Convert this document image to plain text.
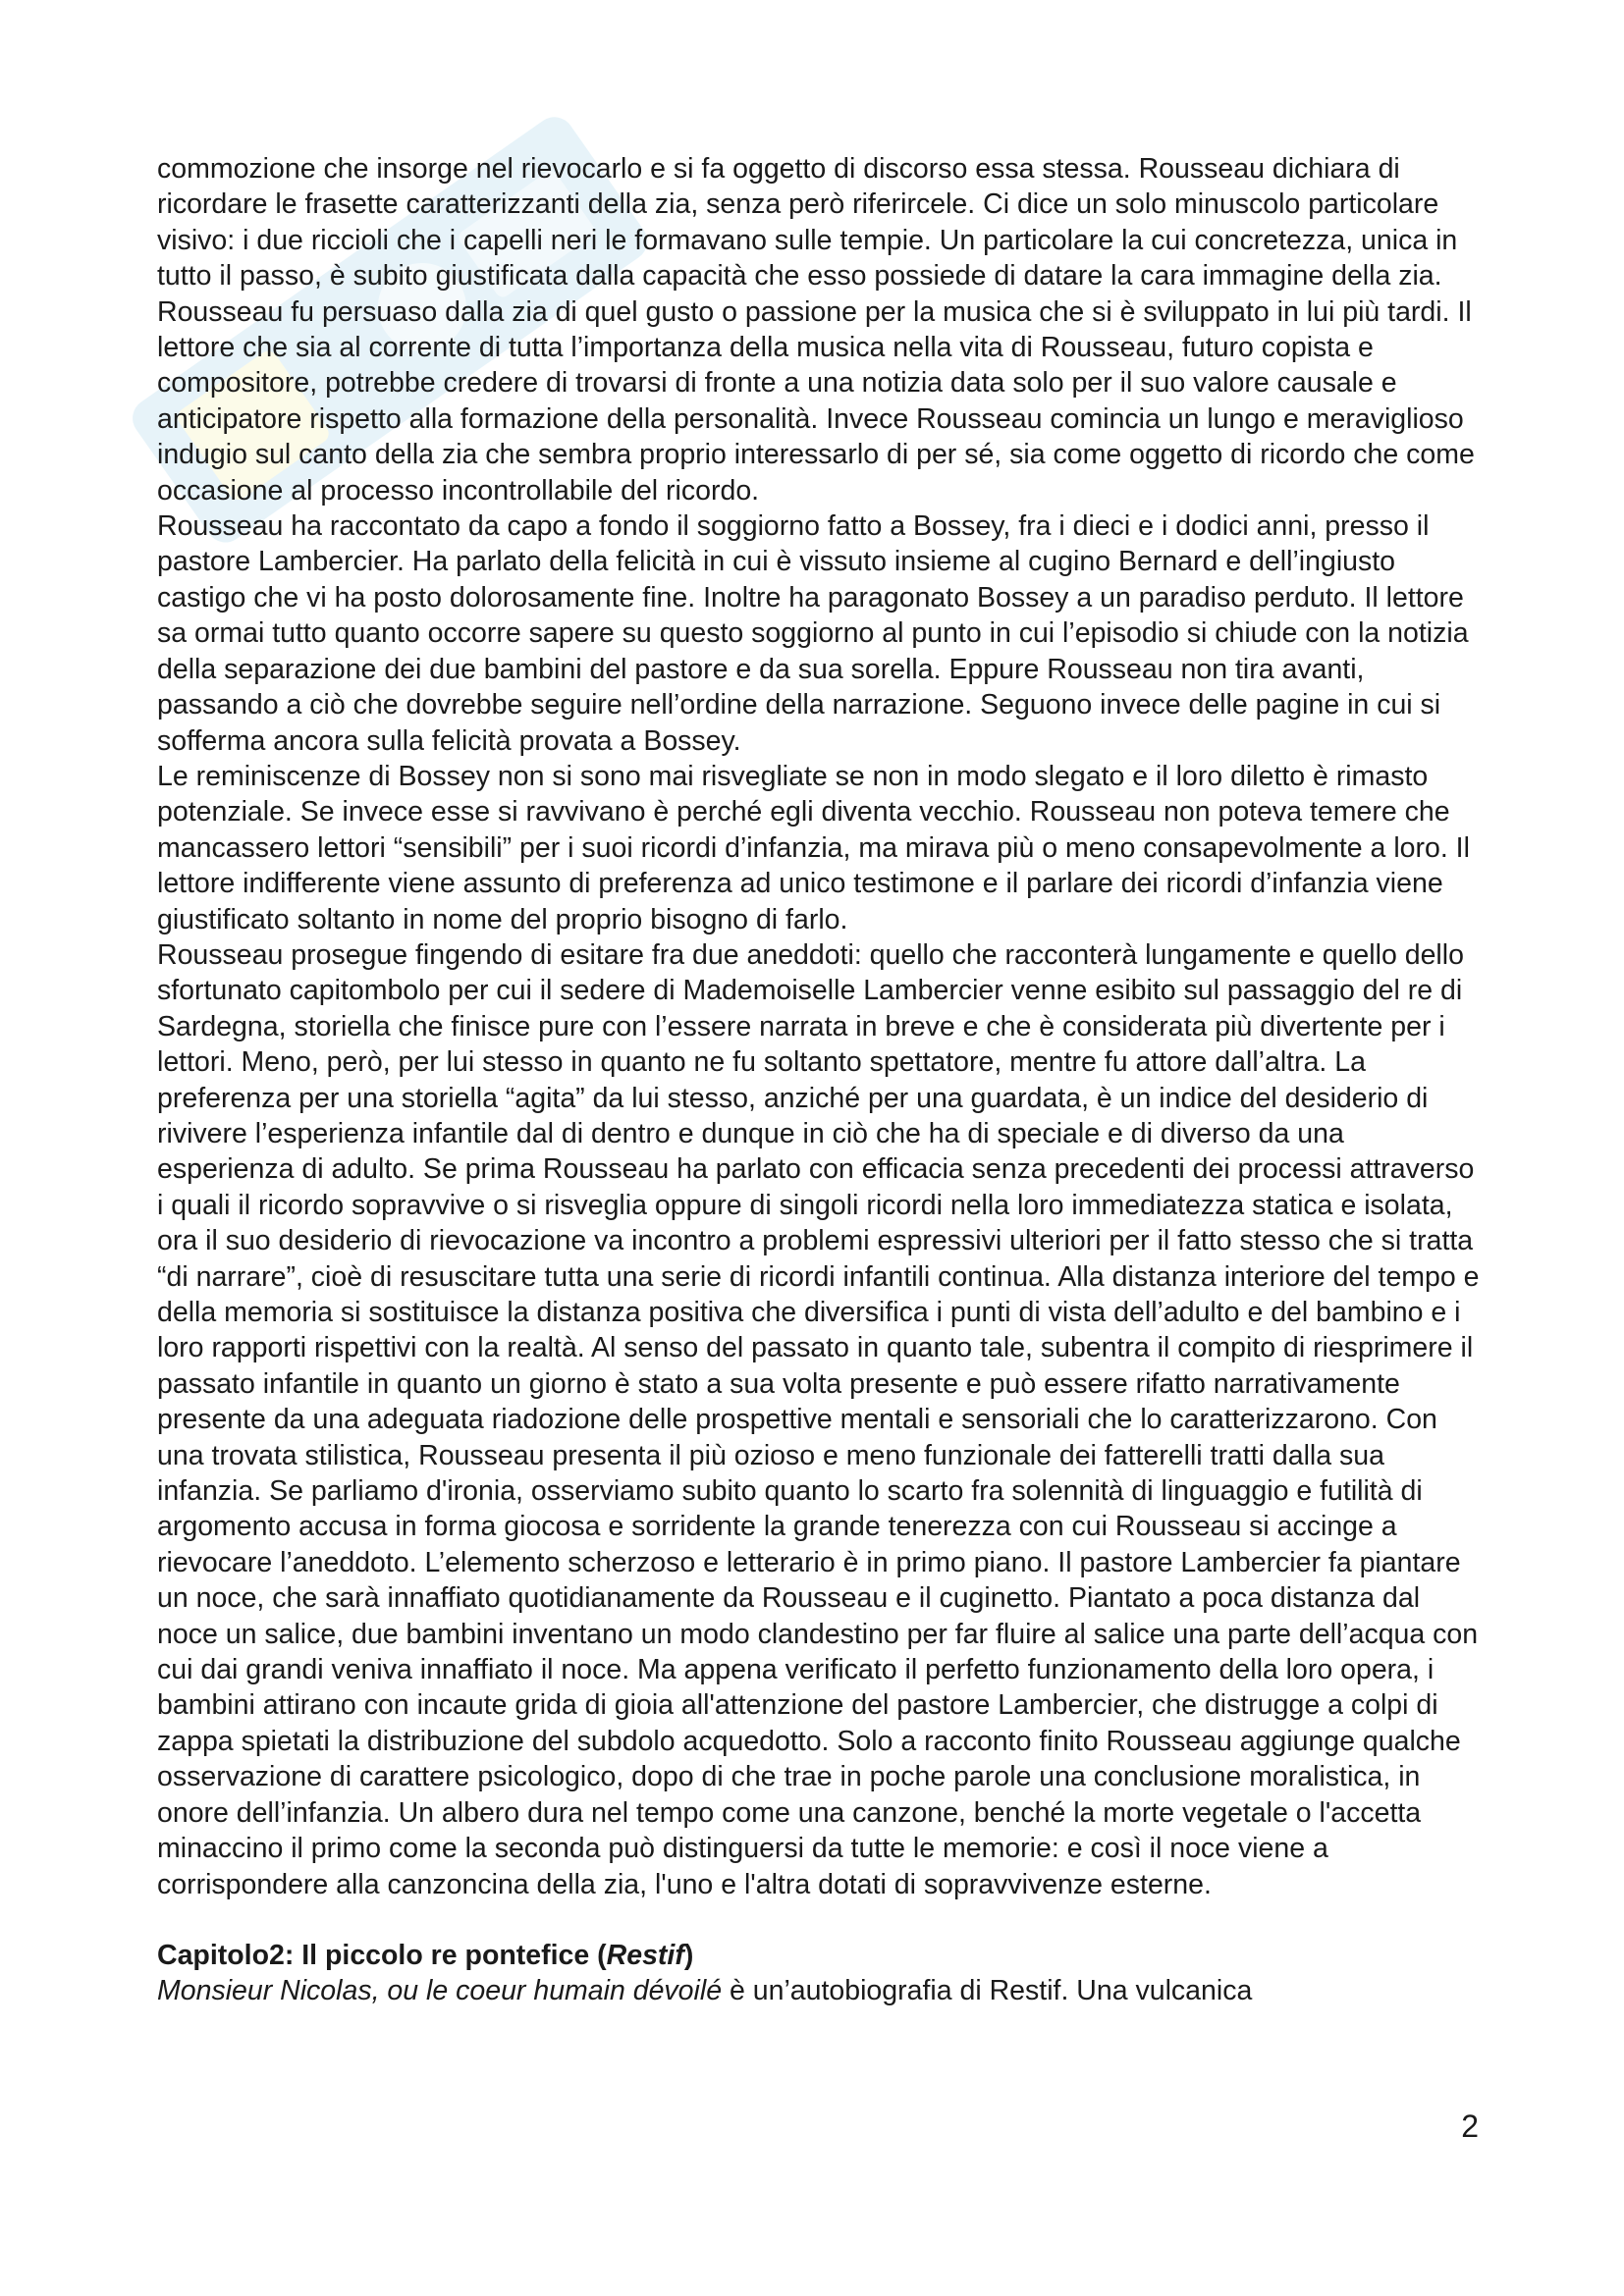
commozione che insorge nel rievocarlo e si fa oggetto di discorso essa stessa. Rousseau dichiara di ricordare le frasette caratterizzanti della zia, senza però riferircele. Ci dice un solo minuscolo particolare visivo: i due riccioli che i capelli neri le formavano sulle tempie. Un particolare la cui concretezza, unica in tutto il passo, è subito giustificata dalla capacità che esso possiede di datare la cara immagine della zia. Rousseau fu persuaso dalla zia di quel gusto o passione per la musica che si è sviluppato in lui più tardi. Il lettore che sia al corrente di tutta l’importanza della musica nella vita di Rousseau, futuro copista e compositore, potrebbe credere di trovarsi di fronte a una notizia data solo per il suo valore causale e anticipatore rispetto alla formazione della personalità. Invece Rousseau comincia un lungo e meraviglioso indugio sul canto della zia che sembra proprio interessarlo di per sé, sia come oggetto di ricordo che come occasione al processo incontrollabile del ricordo.

Rousseau ha raccontato da capo a fondo il soggiorno fatto a Bossey, fra i dieci e i dodici anni, presso il pastore Lambercier. Ha parlato della felicità in cui è vissuto insieme al cugino Bernard e dell’ingiusto castigo che vi ha posto dolorosamente fine. Inoltre ha paragonato Bossey a un paradiso perduto. Il lettore sa ormai tutto quanto occorre sapere su questo soggiorno al punto in cui l’episodio si chiude con la notizia della separazione dei due bambini del pastore e da sua sorella. Eppure Rousseau non tira avanti, passando a ciò che dovrebbe seguire nell’ordine della narrazione. Seguono invece delle pagine in cui si sofferma ancora sulla felicità provata a Bossey.

Le reminiscenze di Bossey non si sono mai risvegliate se non in modo slegato e il loro diletto è rimasto potenziale. Se invece esse si ravvivano è perché egli diventa vecchio. Rousseau non poteva temere che mancassero lettori “sensibili” per i suoi ricordi d’infanzia, ma mirava più o meno consapevolmente a loro. Il lettore indifferente viene assunto di preferenza ad unico testimone e il parlare dei ricordi d’infanzia viene giustificato soltanto in nome del proprio bisogno di farlo.

Rousseau prosegue fingendo di esitare fra due aneddoti: quello che racconterà lungamente e quello dello sfortunato capitombolo per cui il sedere di Mademoiselle Lambercier venne esibito sul passaggio del re di Sardegna, storiella che finisce pure con l’essere narrata in breve e che è considerata più divertente per i lettori. Meno, però, per lui stesso in quanto ne fu soltanto spettatore, mentre fu attore dall’altra. La preferenza per una storiella “agita” da lui stesso, anziché per una guardata, è un indice del desiderio di rivivere l’esperienza infantile dal di dentro e dunque in ciò che ha di speciale e di diverso da una esperienza di adulto. Se prima Rousseau ha parlato con efficacia senza precedenti dei processi attraverso i quali il ricordo sopravvive o si risveglia oppure di singoli ricordi nella loro immediatezza statica e isolata, ora il suo desiderio di rievocazione va incontro a problemi espressivi ulteriori per il fatto stesso che si tratta “di narrare”, cioè di resuscitare tutta una serie di ricordi infantili continua. Alla distanza interiore del tempo e della memoria si sostituisce la distanza positiva che diversifica i punti di vista dell’adulto e del bambino e i loro rapporti rispettivi con la realtà. Al senso del passato in quanto tale, subentra il compito di riesprimere il passato infantile in quanto un giorno è stato a sua volta presente e può essere rifatto narrativamente presente da una adeguata riadozione delle prospettive mentali e sensoriali che lo caratterizzarono. Con una trovata stilistica, Rousseau presenta il più ozioso e meno funzionale dei fatterelli tratti dalla sua infanzia. Se parliamo d'ironia, osserviamo subito quanto lo scarto fra solennità di linguaggio e futilità di argomento accusa in forma giocosa e sorridente la grande tenerezza con cui Rousseau si accinge a rievocare l’aneddoto. L’elemento scherzoso e letterario è in primo piano. Il pastore Lambercier fa piantare un noce, che sarà innaffiato quotidianamente da Rousseau e il cuginetto. Piantato a poca distanza dal noce un salice, due bambini inventano un modo clandestino per far fluire al salice una parte dell’acqua con cui dai grandi veniva innaffiato il noce. Ma appena verificato il perfetto funzionamento della loro opera, i bambini attirano con incaute grida di gioia all'attenzione del pastore Lambercier, che distrugge a colpi di zappa spietati la distribuzione del subdolo acquedotto. Solo a racconto finito Rousseau aggiunge qualche osservazione di carattere psicologico, dopo di che trae in poche parole una conclusione moralistica, in onore dell’infanzia. Un albero dura nel tempo come una canzone, benché la morte vegetale o l'accetta minaccino il primo come la seconda può distinguersi da tutte le memorie: e così il noce viene a corrispondere alla canzoncina della zia, l'uno e l'altra dotati di sopravvivenze esterne.

Capitolo2: Il piccolo re pontefice (Restif)

Monsieur Nicolas, ou le coeur humain dévoilé è un’autobiografia di Restif. Una vulcanica

2
